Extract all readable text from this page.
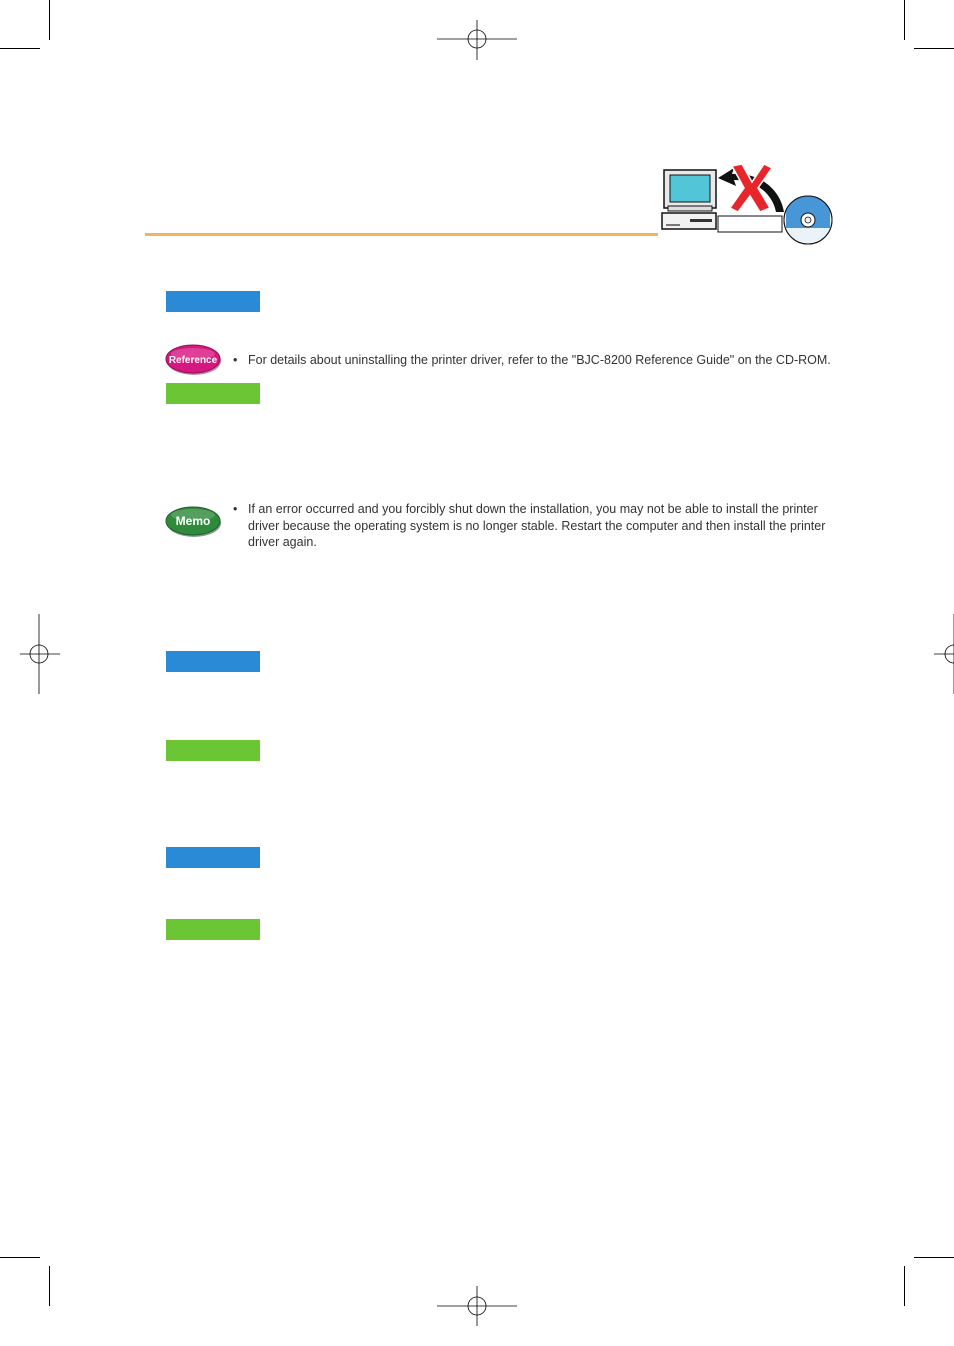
Reference • For details about uninstalling the printer driver, refer to the "BJC-8200 Reference Guide" on the CD-ROM.
Memo
• If an error occurred and you forcibly shut down the installation, you may not be able to install the printer driver because the operating system is no longer stable. Restart the computer and then install the printer driver again.
